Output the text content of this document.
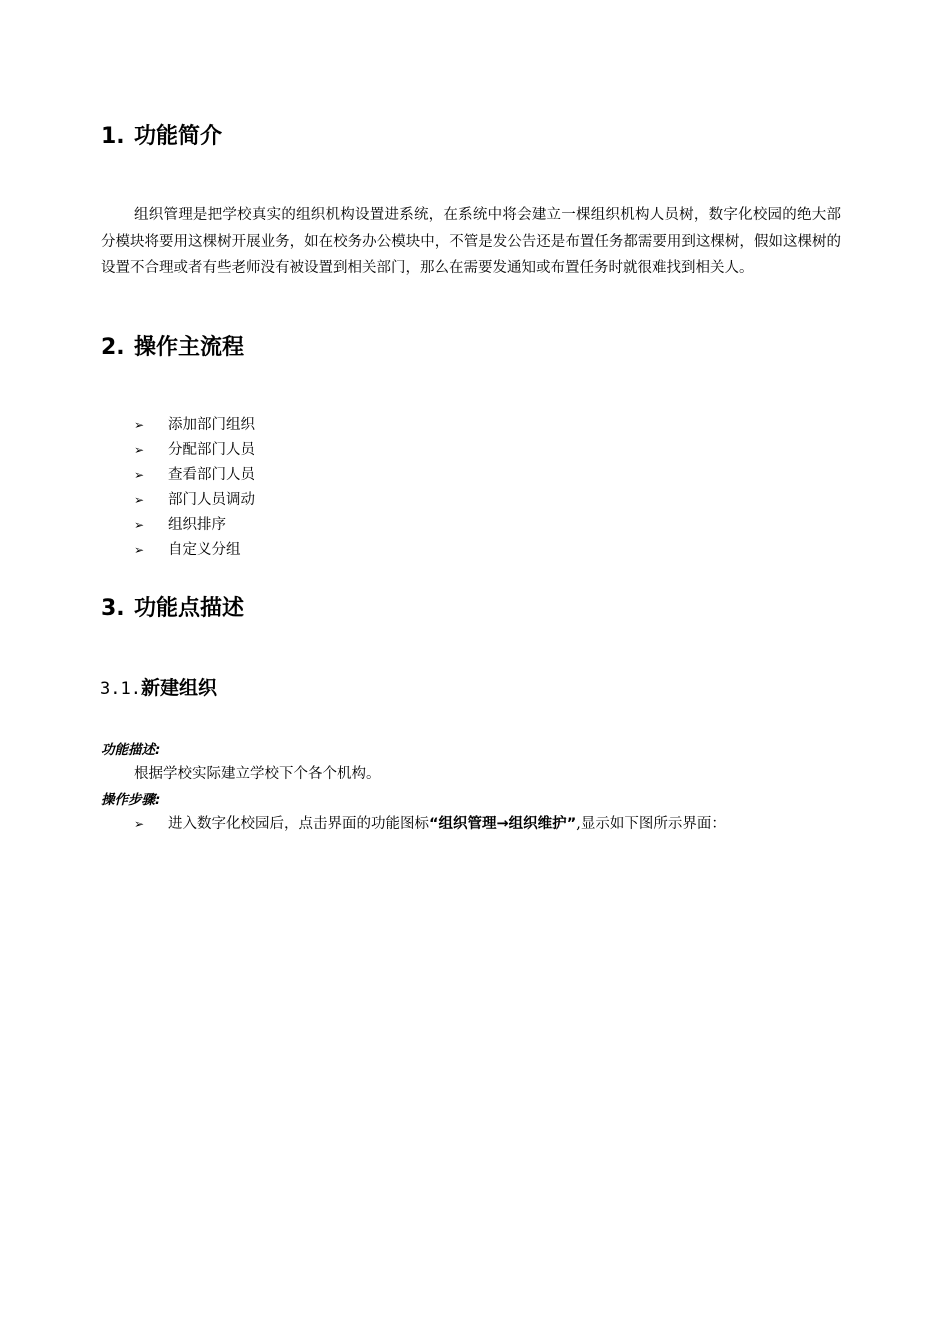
1. 功能简介
组织管理是把学校真实的组织机构设置进系统，在系统中将会建立一棵组织机构人员树，数字化校园的绝大部分模块将要用这棵树开展业务，如在校务办公模块中，不管是发公告还是布置任务都需要用到这棵树，假如这棵树的设置不合理或者有些老师没有被设置到相关部门，那么在需要发通知或布置任务时就很难找到相关人。
2. 操作主流程
➢ 添加部门组织
➢ 分配部门人员
➢ 查看部门人员
➢ 部门人员调动
➢ 组织排序
➢ 自定义分组
3. 功能点描述
3.1.新建组织
功能描述:
根据学校实际建立学校下个各个机构。
操作步骤:
➢ 进入数字化校园后，点击界面的功能图标“组织管理→组织维护”,显示如下图所示界面：
